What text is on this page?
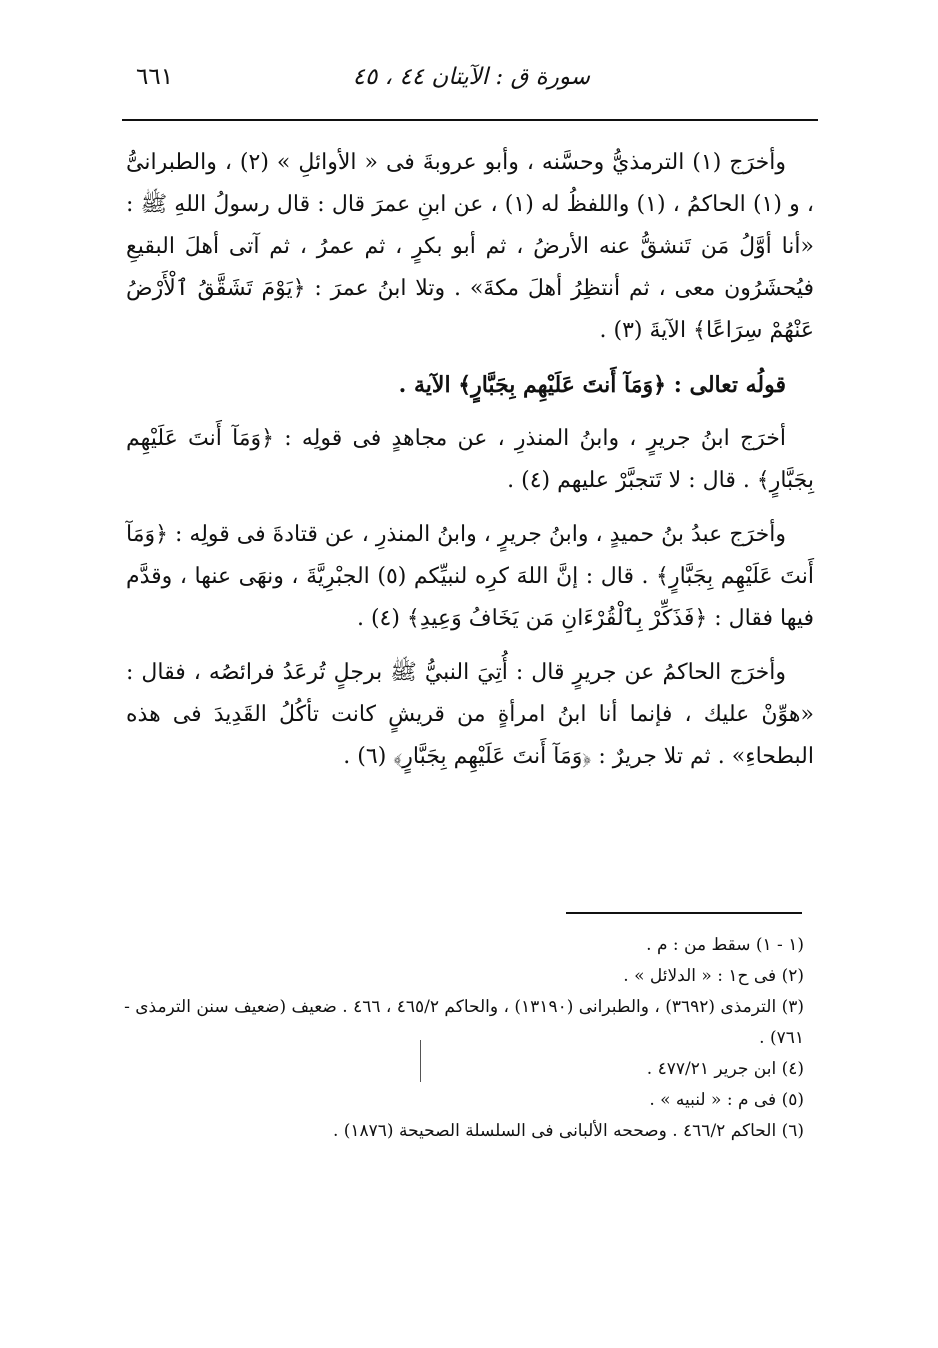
سورة ق : الآيتان ٤٤ ، ٤٥
٦٦١

وأخرَج (١) الترمذيُّ وحسَّنه ، وأبو عروبةَ فى « الأوائلِ » (٢) ، والطبرانىُّ ، و (١) الحاكمُ ، (١) واللفظُ له (١) ، عن ابنِ عمرَ قال : قال رسولُ اللهِ ﷺ : «أنا أوَّلُ مَن تَنشقُّ عنه الأرضُ ، ثم أبو بكرٍ ، ثم عمرُ ، ثم آتى أهلَ البقيعِ فيُحشَرُون معى ، ثم أنتظِرُ أهلَ مكةَ» . وتلا ابنُ عمرَ : ﴿يَوْمَ تَشَقَّقُ ٱلْأَرْضُ عَنْهُمْ سِرَاعًا﴾ الآيةَ (٣) .

قولُه تعالى : ﴿وَمَآ أَنتَ عَلَيْهِم بِجَبَّارٍ﴾ الآية .

أخرَج ابنُ جريرٍ ، وابنُ المنذرِ ، عن مجاهدٍ فى قولِه : ﴿وَمَآ أَنتَ عَلَيْهِم بِجَبَّارٍ﴾ . قال : لا تَتجبَّرْ عليهم (٤) .

وأخرَج عبدُ بنُ حميدٍ ، وابنُ جريرٍ ، وابنُ المنذرِ ، عن قتادةَ فى قولِه : ﴿وَمَآ أَنتَ عَلَيْهِم بِجَبَّارٍ﴾ . قال : إنَّ اللهَ كرِه لنبيِّكم (٥) الجبْرِيَّةَ ، ونهَى عنها ، وقدَّم فيها فقال : ﴿فَذَكِّرْ بِٱلْقُرْءَانِ مَن يَخَافُ وَعِيدِ﴾ (٤) .

وأخرَج الحاكمُ عن جريرٍ قال : أُتِيَ النبيُّ ﷺ برجلٍ تُرعَدُ فرائصُه ، فقال : «هوِّنْ عليك ، فإنما أنا ابنُ امرأةٍ من قريشٍ كانت تأكُلُ القَدِيدَ فى هذه البطحاءِ» . ثم تلا جريرٌ : ﴿وَمَآ أَنتَ عَلَيْهِم بِجَبَّارٍ﴾ (٦) .

(١ - ١) سقط من : م .
(٢) فى ح١ : « الدلائل » .
(٣) الترمذى (٣٦٩٢) ، والطبرانى (١٣١٩٠) ، والحاكم ٤٦٥/٢ ، ٤٦٦ . ضعيف (ضعيف سنن الترمذى - ٧٦١) .
(٤) ابن جرير ٤٧٧/٢١ .
(٥) فى م : « لنبيه » .
(٦) الحاكم ٤٦٦/٢ . وصححه الألبانى فى السلسلة الصحيحة (١٨٧٦) .
